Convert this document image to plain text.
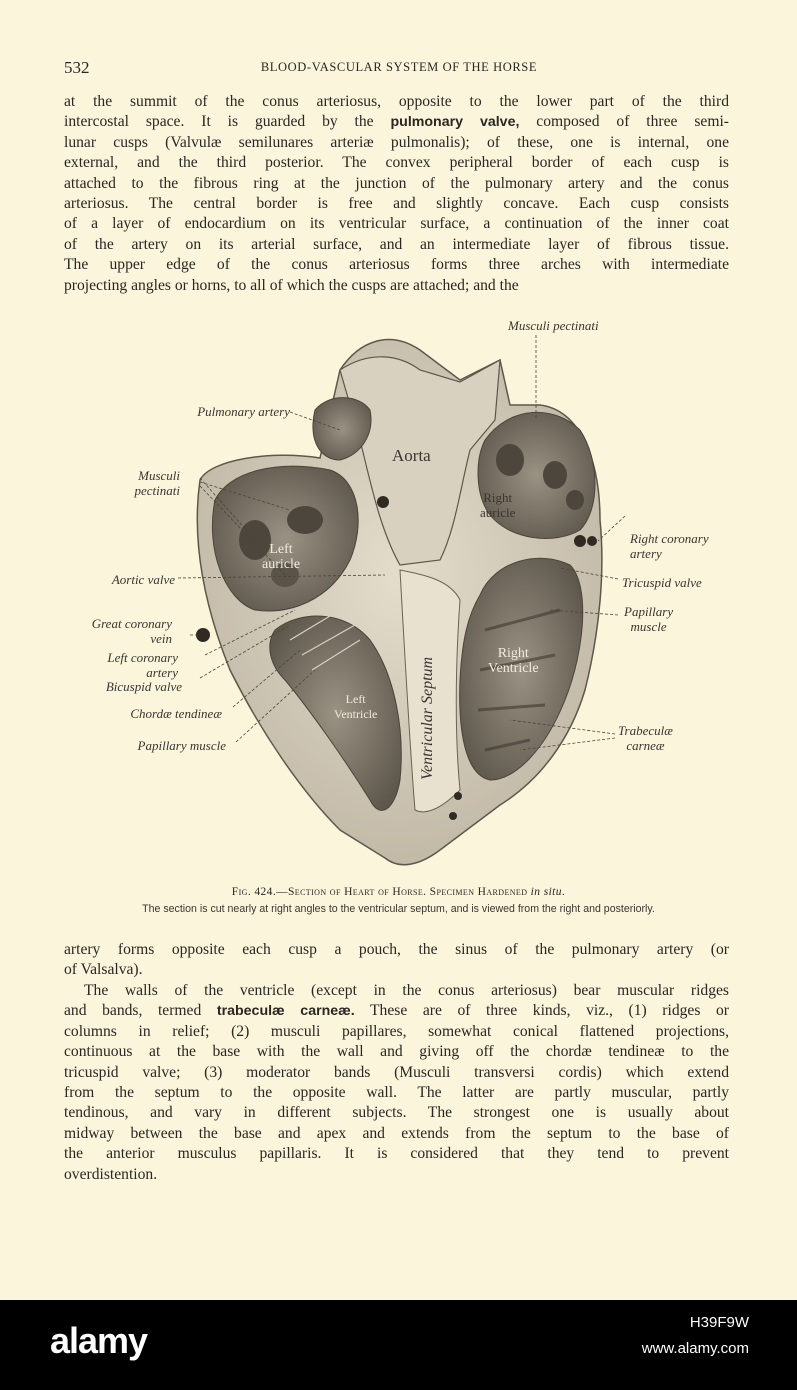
532	BLOOD-VASCULAR SYSTEM OF THE HORSE
at the summit of the conus arteriosus, opposite to the lower part of the third
intercostal space. It is guarded by the pulmonary valve, composed of three semi-
lunar cusps (Valvulæ semilunares arteriæ pulmonalis); of these, one is internal, one
external, and the third posterior. The convex peripheral border of each cusp is
attached to the fibrous ring at the junction of the pulmonary artery and the conus
arteriosus. The central border is free and slightly concave. Each cusp consists
of a layer of endocardium on its ventricular surface, a continuation of the inner coat
of the artery on its arterial surface, and an intermediate layer of fibrous tissue.
The upper edge of the conus arteriosus forms three arches with intermediate
projecting angles or horns, to all of which the cusps are attached; and the
Aorta
Right
auricle
Left
auricle
Right
Ventricle
Left
Ventricle	Ventricular Septum
Musculi pectinati
Pulmonary artery
Musculi
pectinati
Aortic valve
Great coronary
vein
Left coronary
artery
Bicuspid valve
Chordæ tendineæ
Papillary muscle
Right coronary
artery
Tricuspid valve
Papillary
muscle
Trabeculæ
carneæ
Fig. 424.—Section of Heart of Horse. Specimen Hardened in situ.
The section is cut nearly at right angles to the ventricular septum, and is viewed from the right and posteriorly.
artery forms opposite each cusp a pouch, the sinus of the pulmonary artery (or
of Valsalva).
The walls of the ventricle (except in the conus arteriosus) bear muscular ridges
and bands, termed trabeculæ carneæ. These are of three kinds, viz., (1) ridges or
columns in relief; (2) musculi papillares, somewhat conical flattened projections,
continuous at the base with the wall and giving off the chordæ tendineæ to the
tricuspid valve; (3) moderator bands (Musculi transversi cordis) which extend
from the septum to the opposite wall. The latter are partly muscular, partly
tendinous, and vary in different subjects. The strongest one is usually about
midway between the base and apex and extends from the septum to the base of
the anterior musculus papillaris. It is considered that they tend to prevent
overdistention.
alamy	H39F9W
www.alamy.com
